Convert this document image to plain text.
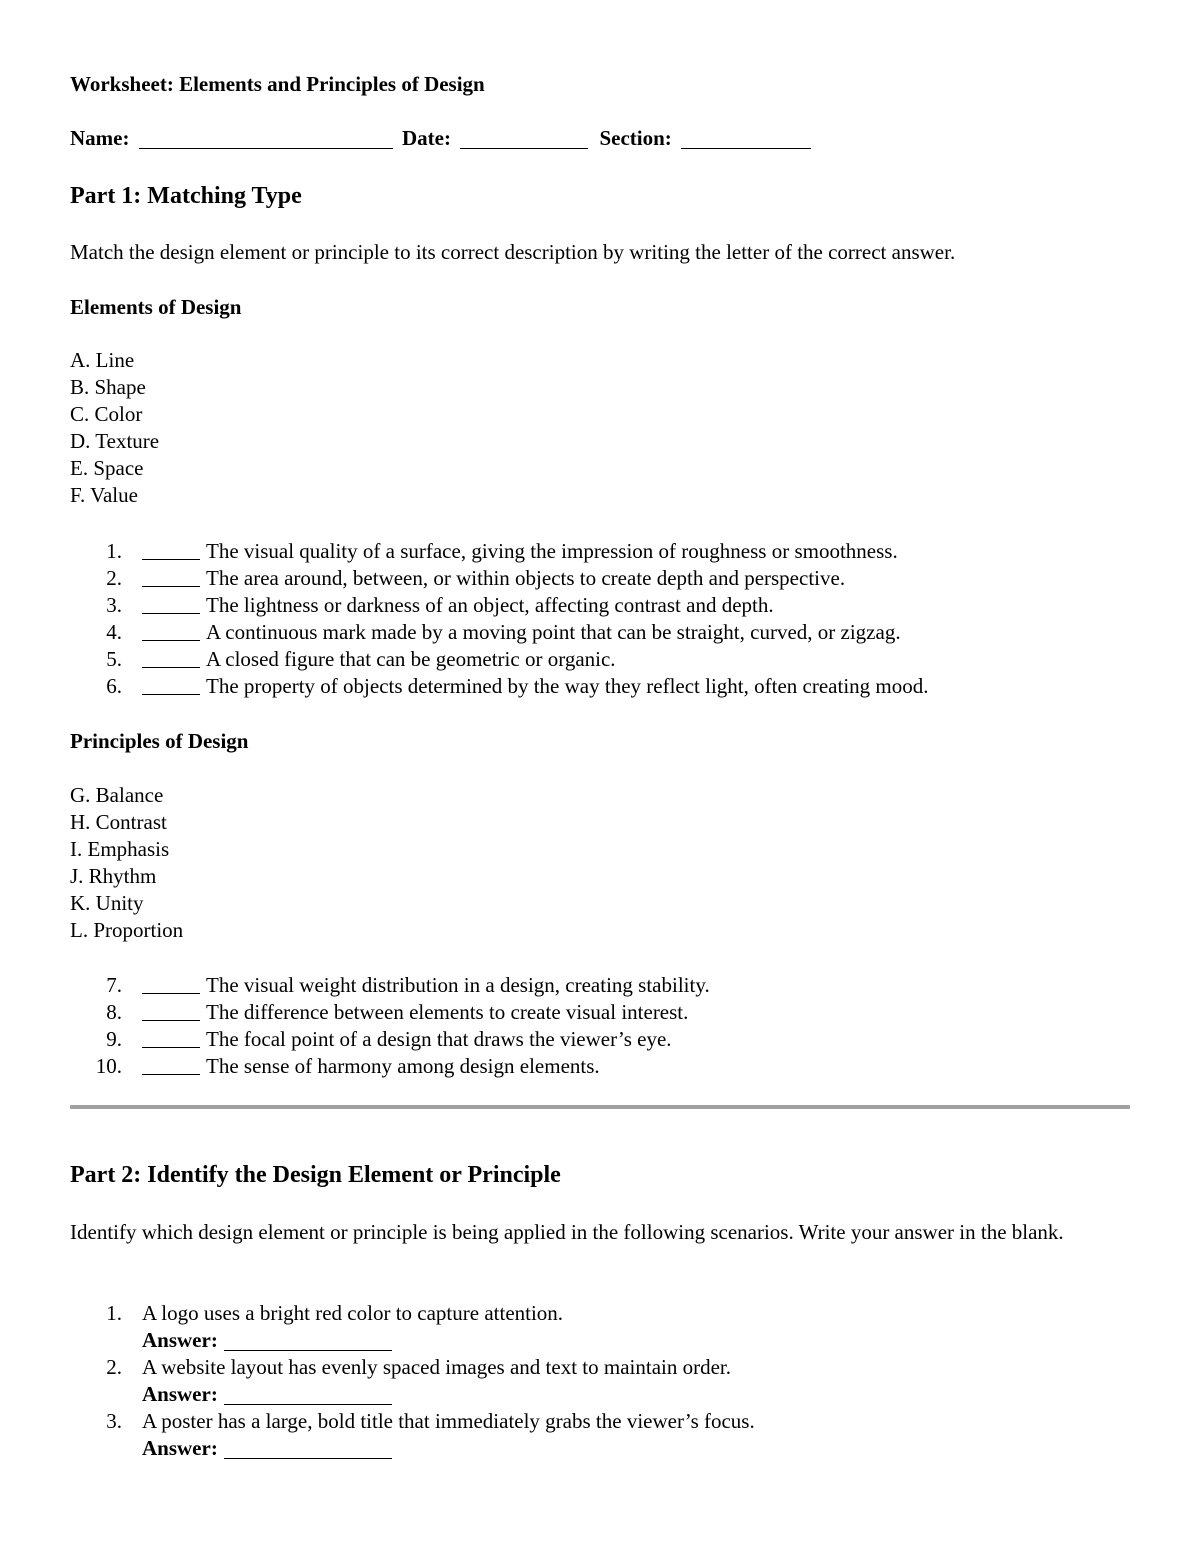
Worksheet: Elements and Principles of Design
Name:	Date:	Section:
Part 1: Matching Type
Match the design element or principle to its correct description by writing the letter of the correct answer.
Elements of Design
A. Line
B. Shape
C. Color
D. Texture
E. Space
F. Value
1.	The visual quality of a surface, giving the impression of roughness or smoothness.
2.	The area around, between, or within objects to create depth and perspective.
3.	The lightness or darkness of an object, affecting contrast and depth.
4.	A continuous mark made by a moving point that can be straight, curved, or zigzag.
5.	A closed figure that can be geometric or organic.
6.	The property of objects determined by the way they reflect light, often creating mood.
Principles of Design
G. Balance
H. Contrast
I. Emphasis
J. Rhythm
K. Unity
L. Proportion
7.	The visual weight distribution in a design, creating stability.
8.	The difference between elements to create visual interest.
9.	The focal point of a design that draws the viewer’s eye.
10.	The sense of harmony among design elements.
Part 2: Identify the Design Element or Principle
Identify which design element or principle is being applied in the following scenarios. Write your answer in the blank.
1. A logo uses a bright red color to capture attention.
Answer:
2. A website layout has evenly spaced images and text to maintain order.
Answer:
3. A poster has a large, bold title that immediately grabs the viewer’s focus.
Answer:
